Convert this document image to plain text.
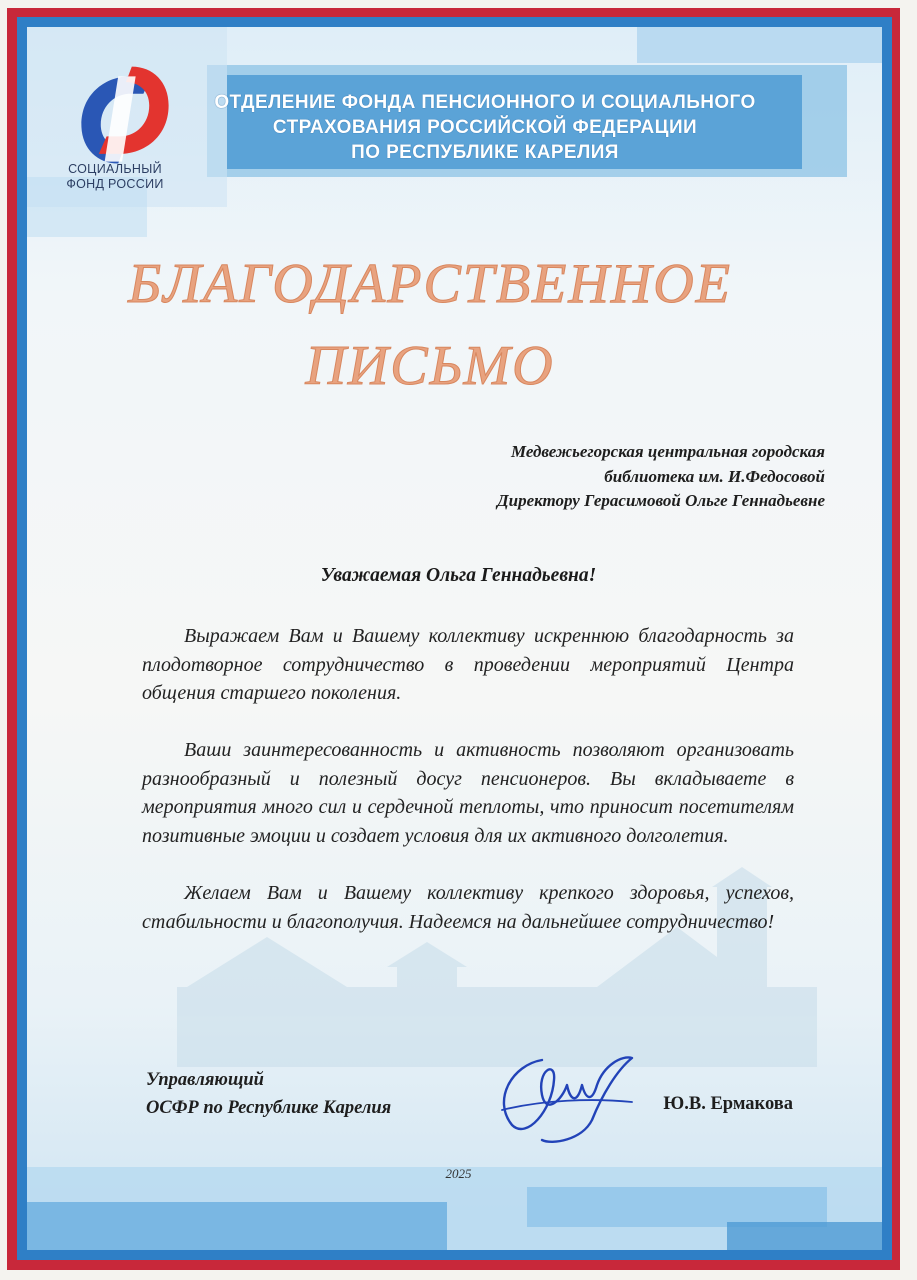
СОЦИАЛЬНЫЙ
ФОНД РОССИИ
ОТДЕЛЕНИЕ ФОНДА ПЕНСИОННОГО И СОЦИАЛЬНОГО
СТРАХОВАНИЯ РОССИЙСКОЙ ФЕДЕРАЦИИ
ПО РЕСПУБЛИКЕ КАРЕЛИЯ
БЛАГОДАРСТВЕННОЕ
ПИСЬМО
Медвежьегорская центральная городская
библиотека им. И.Федосовой
Директору Герасимовой Ольге Геннадьевне
Уважаемая Ольга Геннадьевна!
Выражаем Вам и Вашему коллективу искреннюю благодарность за плодотворное сотрудничество в проведении мероприятий Центра общения старшего поколения.
Ваши заинтересованность и активность позволяют организовать разнообразный и полезный досуг пенсионеров. Вы вкладываете в мероприятия много сил и сердечной теплоты, что приносит посетителям позитивные эмоции и создает условия для их активного долголетия.
Желаем Вам и Вашему коллективу крепкого здоровья, успехов, стабильности и благополучия. Надеемся на дальнейшее сотрудничество!
Управляющий
ОСФР по Республике Карелия	Ю.В. Ермакова
2025
